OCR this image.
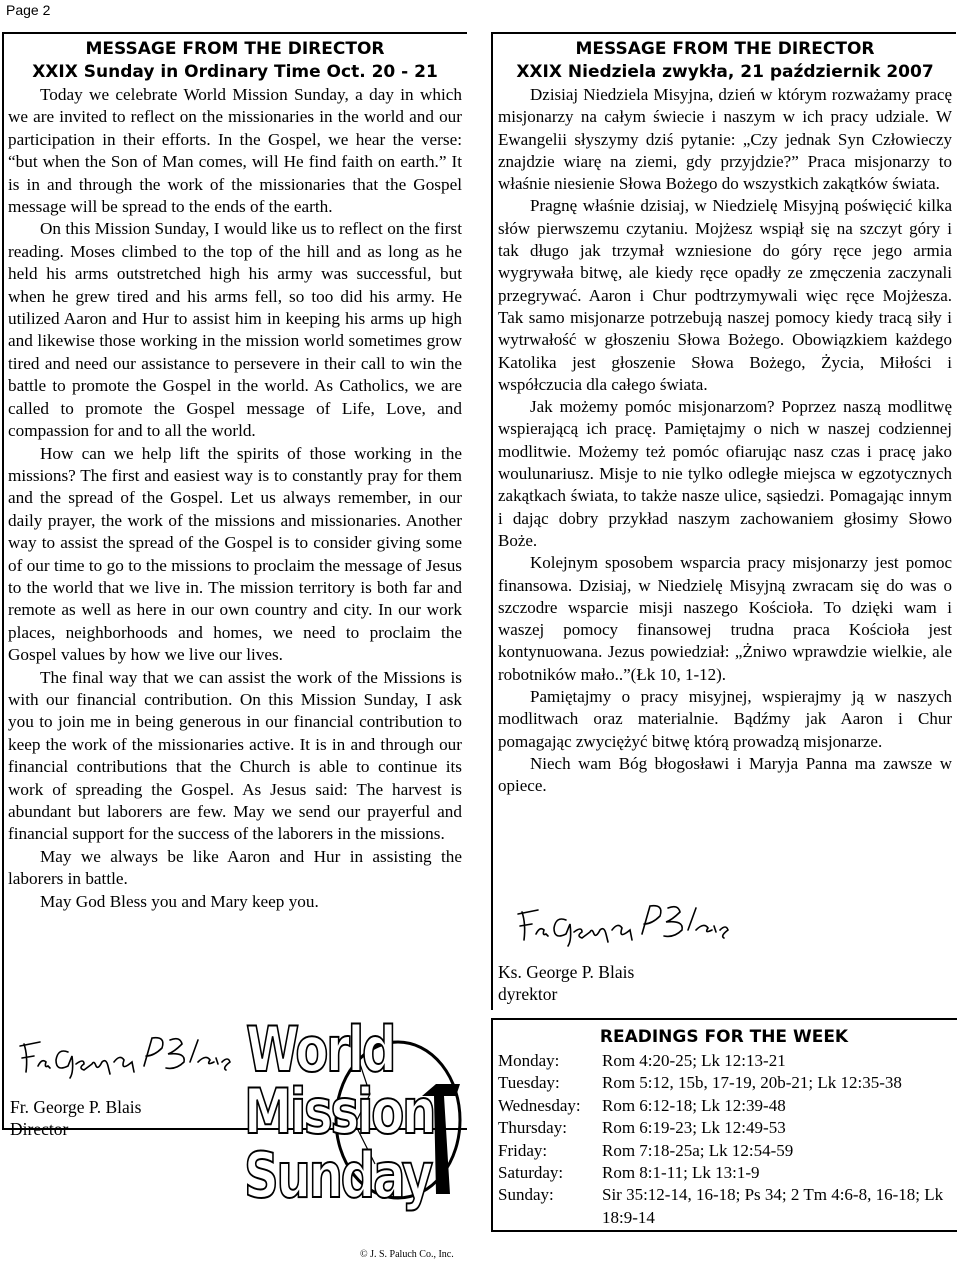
Page 2
MESSAGE FROM THE DIRECTOR
XXIX Sunday in Ordinary Time Oct. 20 - 21

Today we celebrate World Mission Sunday, a day in which we are invited to reflect on the missionaries in the world and our participation in their efforts. In the Gospel, we hear the verse: “but when the Son of Man comes, will He find faith on earth.” It is in and through the work of the missionaries that the Gospel message will be spread to the ends of the earth.

On this Mission Sunday, I would like us to reflect on the first reading. Moses climbed to the top of the hill and as long as he held his arms outstretched high his army was successful, but when he grew tired and his arms fell, so too did his army. He utilized Aaron and Hur to assist him in keeping his arms up high and likewise those working in the mission world sometimes grow tired and need our assistance to persevere in their call to win the battle to promote the Gospel in the world. As Catholics, we are called to promote the Gospel message of Life, Love, and compassion for and to all the world.

How can we help lift the spirits of those working in the missions? The first and easiest way is to constantly pray for them and the spread of the Gospel. Let us always remember, in our daily prayer, the work of the missions and missionaries. Another way to assist the spread of the Gospel is to consider giving some of our time to go to the missions to proclaim the message of Jesus to the world that we live in. The mission territory is both far and remote as well as here in our own country and city. In our work places, neighborhoods and homes, we need to proclaim the Gospel values by how we live our lives.

The final way that we can assist the work of the Missions is with our financial contribution. On this Mission Sunday, I ask you to join me in being generous in our financial contribution to keep the work of the missionaries active. It is in and through our financial contributions that the Church is able to continue its work of spreading the Gospel. As Jesus said: The harvest is abundant but laborers are few. May we send our prayerful and financial support for the success of the laborers in the missions.

May we always be like Aaron and Hur in assisting the laborers in battle.

May God Bless you and Mary keep you.

Fr. George P. Blais
Director
World
Mission
Sunday
MESSAGE FROM THE DIRECTOR
XXIX Niedziela zwykła, 21 październik 2007

Dzisiaj Niedziela Misyjna, dzień w którym rozważamy pracę misjonarzy na całym świecie i naszym w ich pracy udziale. W Ewangelii słyszymy dziś pytanie: „Czy jednak Syn Człowieczy znajdzie wiarę na ziemi, gdy przyjdzie?” Praca misjonarzy to właśnie niesienie Słowa Bożego do wszystkich zakątków świata.

Pragnę właśnie dzisiaj, w Niedzielę Misyjną poświęcić kilka słów pierwszemu czytaniu. Mojżesz wspiął się na szczyt góry i tak długo jak trzymał wzniesione do góry ręce jego armia wygrywała bitwę, ale kiedy ręce opadły ze zmęczenia zaczynali przegrywać. Aaron i Chur podtrzymywali więc ręce Mojżesza. Tak samo misjonarze potrzebują naszej pomocy kiedy tracą siły i wytrwałość w głoszeniu Słowa Bożego. Obowiązkiem każdego Katolika jest głoszenie Słowa Bożego, Życia, Miłości i współczucia dla całego świata.

Jak możemy pomóc misjonarzom? Poprzez naszą modlitwę wspierającą ich pracę. Pamiętajmy o nich w naszej codziennej modlitwie. Możemy też pomóc ofiarując nasz czas i pracę jako woulunariusz. Misje to nie tylko odległe miejsca w egzotycznych zakątkach świata, to także nasze ulice, sąsiedzi. Pomagając innym i dając dobry przykład naszym zachowaniem głosimy Słowo Boże.

Kolejnym sposobem wsparcia pracy misjonarzy jest pomoc finansowa. Dzisiaj, w Niedzielę Misyjną zwracam się do was o szczodre wsparcie misji naszego Kościoła. To dzięki wam i waszej pomocy finansowej trudna praca Kościoła jest kontynuowana. Jezus powiedział: „Żniwo wprawdzie wielkie, ale robotników mało..”(Łk 10, 1-12).

Pamiętajmy o pracy misyjnej, wspierajmy ją w naszych modlitwach oraz materialnie. Bądźmy jak Aaron i Chur pomagając zwyciężyć bitwę którą prowadzą misjonarze.

Niech wam Bóg błogosławi i Maryja Panna ma zawsze w opiece.

Ks. George P. Blais
dyrektor
READINGS FOR THE WEEK
Monday:	Rom 4:20-25; Lk 12:13-21
Tuesday:	Rom 5:12, 15b, 17-19, 20b-21; Lk 12:35-38
Wednesday:	Rom 6:12-18; Lk 12:39-48
Thursday:	Rom 6:19-23; Lk 12:49-53
Friday:	Rom 7:18-25a; Lk 12:54-59
Saturday:	Rom 8:1-11; Lk 13:1-9
Sunday:	Sir 35:12-14, 16-18; Ps 34; 2 Tm 4:6-8, 16-18; Lk 18:9-14
© J. S. Paluch Co., Inc.
